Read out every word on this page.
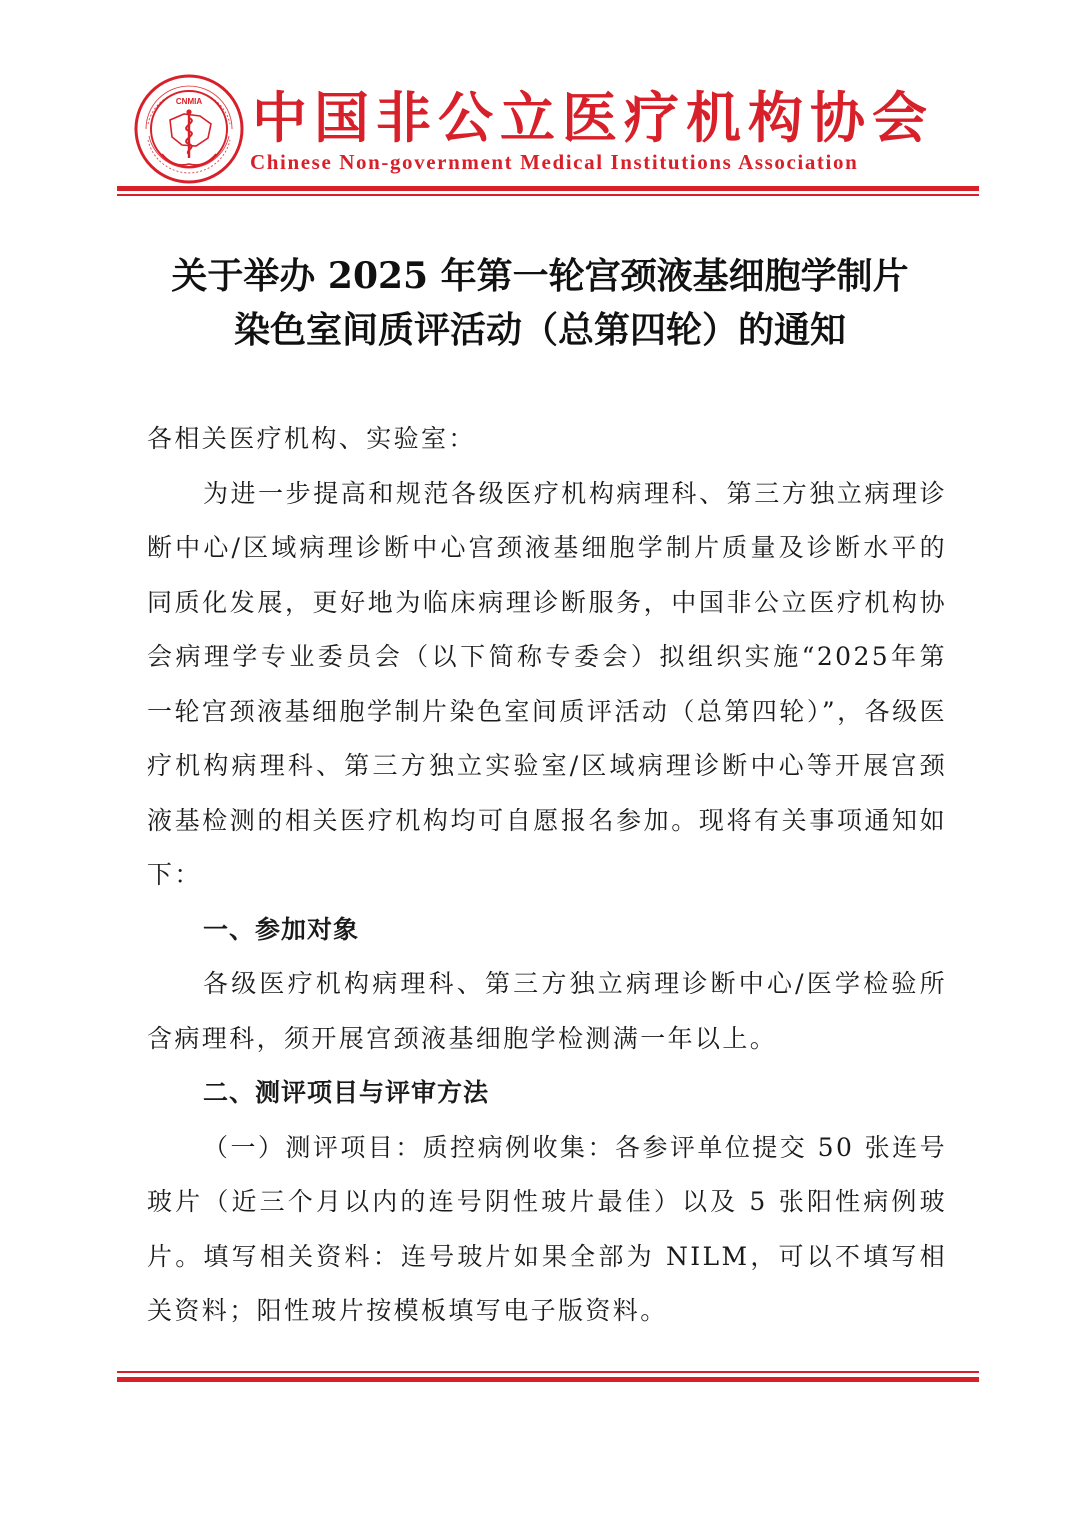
CNMIA 中国非公立医疗机构协会
Chinese Non-government Medical Institutions Association
关于举办 2025 年第一轮宫颈液基细胞学制片
染色室间质评活动（总第四轮）的通知

各相关医疗机构、实验室：

为进一步提高和规范各级医疗机构病理科、第三方独立病理诊断中心/区域病理诊断中心宫颈液基细胞学制片质量及诊断水平的同质化发展，更好地为临床病理诊断服务，中国非公立医疗机构协会病理学专业委员会（以下简称专委会）拟组织实施“2025年第一轮宫颈液基细胞学制片染色室间质评活动（总第四轮）”，各级医疗机构病理科、第三方独立实验室/区域病理诊断中心等开展宫颈液基检测的相关医疗机构均可自愿报名参加。现将有关事项通知如下：

一、参加对象

各级医疗机构病理科、第三方独立病理诊断中心/医学检验所含病理科，须开展宫颈液基细胞学检测满一年以上。

二、测评项目与评审方法

（一）测评项目：质控病例收集：各参评单位提交 50 张连号玻片（近三个月以内的连号阴性玻片最佳）以及 5 张阳性病例玻片。填写相关资料：连号玻片如果全部为 NILM，可以不填写相关资料；阳性玻片按模板填写电子版资料。
